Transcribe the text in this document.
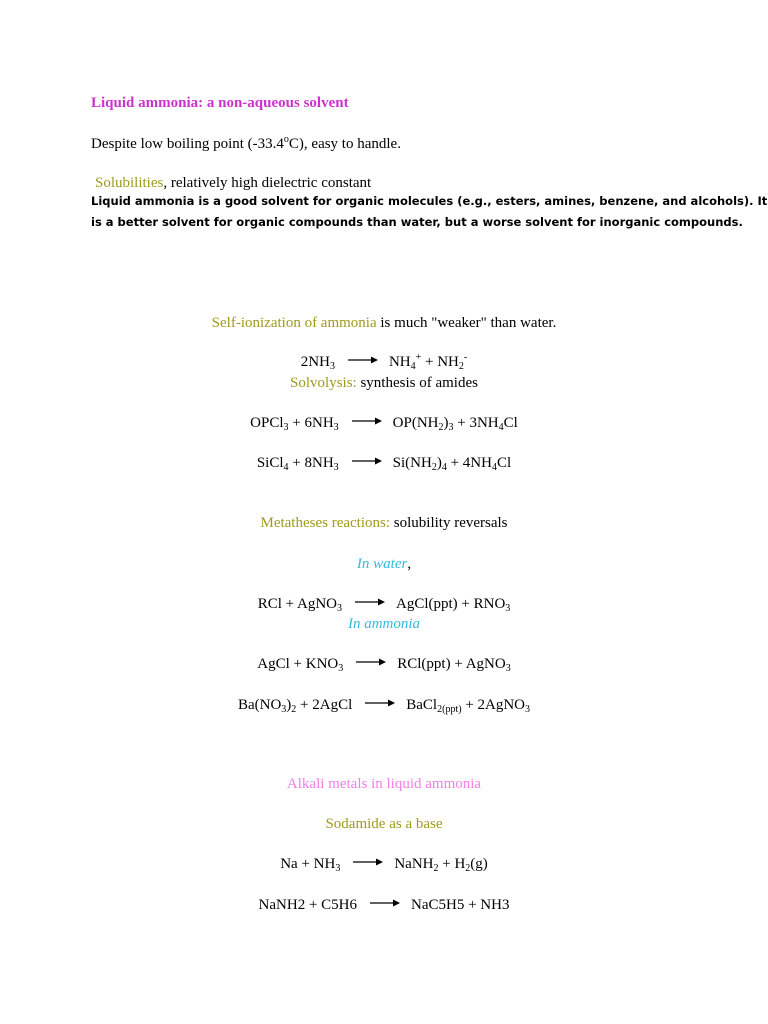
Liquid ammonia: a non-aqueous solvent
Despite low boiling point (-33.4$^o$C), easy to handle.
Solubilities, relatively high dielectric constant
Liquid ammonia is a good solvent for organic molecules (e.g., esters, amines, benzene, and alcohols). It
is a better solvent for organic compounds than water, but a worse solvent for inorganic compounds.
Self-ionization of ammonia is much "weaker" than water.
$2NH_3 \to NH_4^+ + NH_2^-$
Solvolysis: synthesis of amides
OPCl$_3$ + $6NH_3 \to OP(NH_2)_3 + 3NH_4Cl$
SiCl$_4$ + $8NH_3 \to Si(NH_2)_4 + 4NH_4Cl$
Metatheses reactions: solubility reversals
In water,
RCl + AgNO$_3$ → AgCl(ppt) + $RNO_3$
In ammonia
AgCl + $KNO_3 \to RCl(ppt)$ + AgNO$_3$
$Ba(NO_3)_2$ + 2AgCl → BaCl$_{2(ppt)}$ + 2AgNO$_3$
Alkali metals in liquid ammonia
Sodamide as a base
$Na + NH_3$ → NaNH$_2$ + $H_2(g)$
NaNH2 + C5H6 → NaC5H5 + NH3
